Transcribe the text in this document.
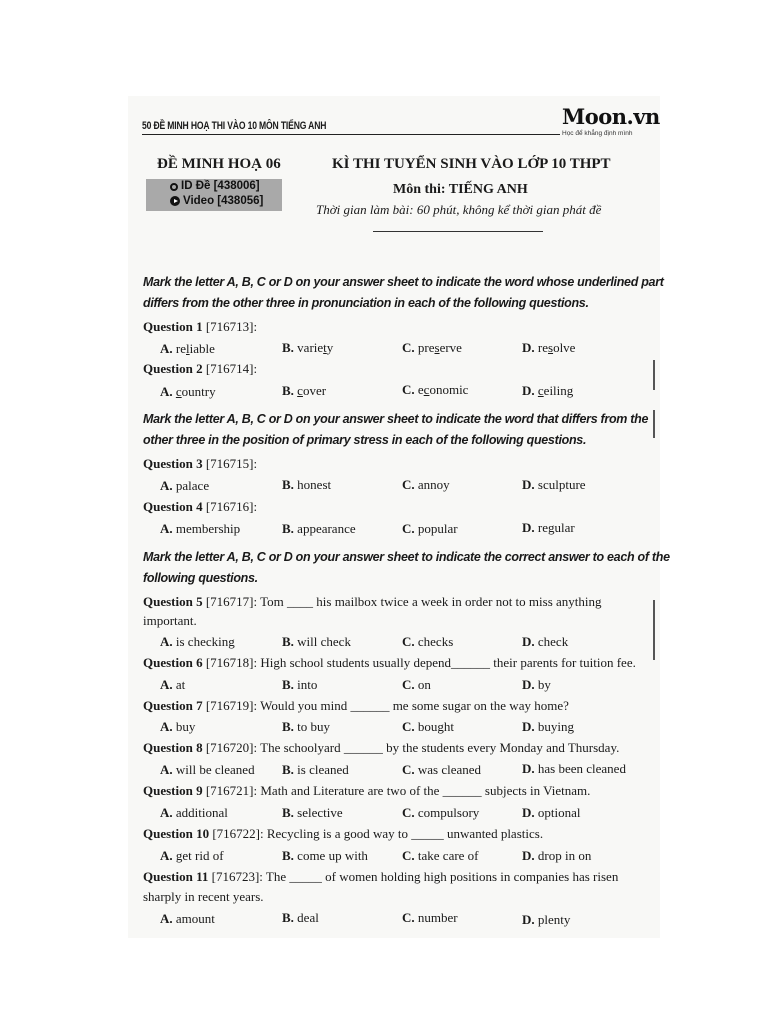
50 ĐỀ MINH HOẠ THI VÀO 10 MÔN TIẾNG ANH	Moon.vn
Học để khẳng định mình
ĐỀ MINH HOẠ 06
ID Đề [438006]
Video [438056]
KÌ THI TUYỂN SINH VÀO LỚP 10 THPT
Môn thi: TIẾNG ANH
Thời gian làm bài: 60 phút, không kể thời gian phát đề
Mark the letter A, B, C or D on your answer sheet to indicate the word whose underlined part
differs from the other three in pronunciation in each of the following questions.
Question 1 [716713]:
A. reliable	B. variety	C. preserve	D. resolve
Question 2 [716714]:
A. country	B. cover	C. economic	D. ceiling
Mark the letter A, B, C or D on your answer sheet to indicate the word that differs from the
other three in the position of primary stress in each of the following questions.
Question 3 [716715]:
A. palace	B. honest	C. annoy	D. sculpture
Question 4 [716716]:
A. membership	B. appearance	C. popular	D. regular
Mark the letter A, B, C or D on your answer sheet to indicate the correct answer to each of the
following questions.
Question 5 [716717]: Tom ____ his mailbox twice a week in order not to miss anything
important.
A. is checking	B. will check	C. checks	D. check
Question 6 [716718]: High school students usually depend______ their parents for tuition fee.
A. at	B. into	C. on	D. by
Question 7 [716719]: Would you mind ______ me some sugar on the way home?
A. buy	B. to buy	C. bought	D. buying
Question 8 [716720]: The schoolyard ______ by the students every Monday and Thursday.
A. will be cleaned B. is cleaned	C. was cleaned	D. has been cleaned
Question 9 [716721]: Math and Literature are two of the ______ subjects in Vietnam.
A. additional	B. selective	C. compulsory	D. optional
Question 10 [716722]: Recycling is a good way to _____ unwanted plastics.
A. get rid of	B. come up with	C. take care of	D. drop in on
Question 11 [716723]: The _____ of women holding high positions in companies has risen
sharply in recent years.
A. amount	B. deal	C. number	D. plenty
